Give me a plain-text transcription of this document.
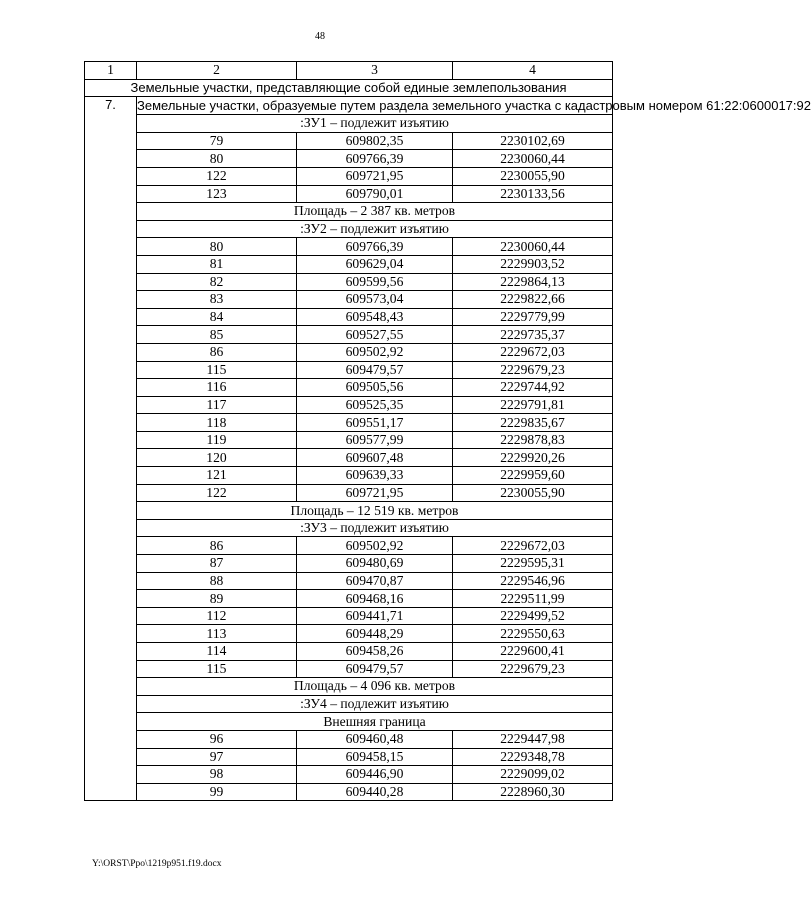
48
1	2	3	4
Земельные участки, представляющие собой единые землепользования			
7.	Земельные участки, образуемые путем раздела земельного участка с кадастровым номером 61:22:0600017:92		
	:ЗУ1 – подлежит изъятию		
	79	609802,35	2230102,69
	80	609766,39	2230060,44
	122	609721,95	2230055,90
	123	609790,01	2230133,56
	Площадь – 2 387 кв. метров		
	:ЗУ2 – подлежит изъятию		
	80	609766,39	2230060,44
	81	609629,04	2229903,52
	82	609599,56	2229864,13
	83	609573,04	2229822,66
	84	609548,43	2229779,99
	85	609527,55	2229735,37
	86	609502,92	2229672,03
	115	609479,57	2229679,23
	116	609505,56	2229744,92
	117	609525,35	2229791,81
	118	609551,17	2229835,67
	119	609577,99	2229878,83
	120	609607,48	2229920,26
	121	609639,33	2229959,60
	122	609721,95	2230055,90
	Площадь – 12 519 кв. метров		
	:ЗУ3 – подлежит изъятию		
	86	609502,92	2229672,03
	87	609480,69	2229595,31
	88	609470,87	2229546,96
	89	609468,16	2229511,99
	112	609441,71	2229499,52
	113	609448,29	2229550,63
	114	609458,26	2229600,41
	115	609479,57	2229679,23
	Площадь – 4 096 кв. метров		
	:ЗУ4 – подлежит изъятию		
	Внешняя граница		
	96	609460,48	2229447,98
	97	609458,15	2229348,78
	98	609446,90	2229099,02
	99	609440,28	2228960,30
Y:\ORST\Ppo\1219p951.f19.docx
